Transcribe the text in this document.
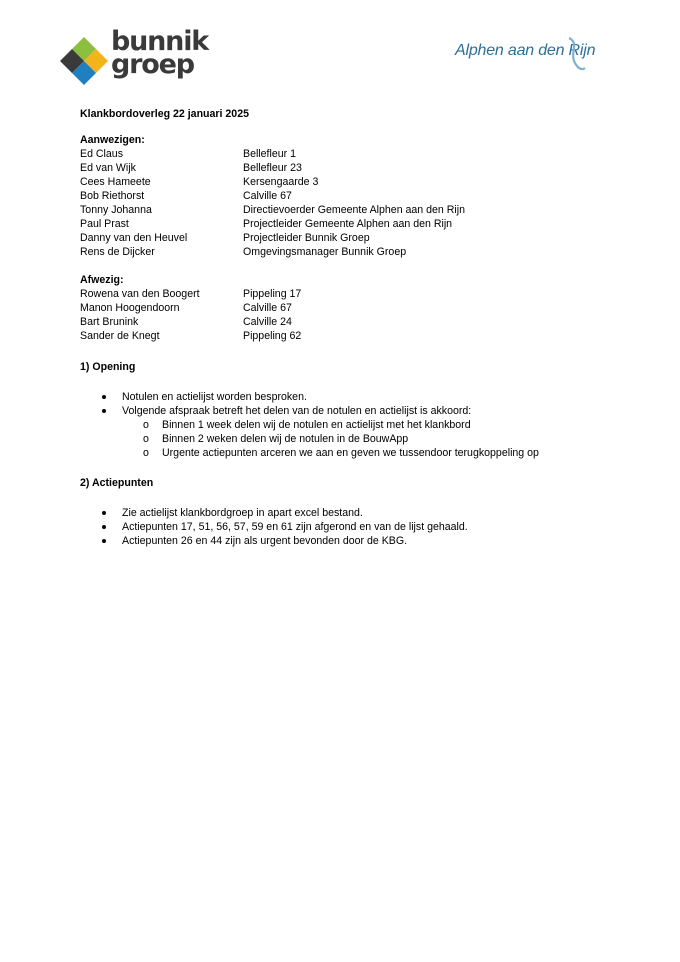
bunnik
groep	Alphen aan den Rijn
Klankbordoverleg 22 januari 2025
Aanwezigen:
Ed Claus	Bellefleur 1
Ed van Wijk	Bellefleur 23
Cees Hameete	Kersengaarde 3
Bob Riethorst	Calville 67
Tonny Johanna	Directievoerder Gemeente Alphen aan den Rijn
Paul Prast	Projectleider Gemeente Alphen aan den Rijn
Danny van den Heuvel	Projectleider Bunnik Groep
Rens de Dijcker	Omgevingsmanager Bunnik Groep
Afwezig:
Rowena van den Boogert	Pippeling 17
Manon Hoogendoorn	Calville 67
Bart Brunink	Calville 24
Sander de Knegt	Pippeling 62
1) Opening
Notulen en actielijst worden besproken.
Volgende afspraak betreft het delen van de notulen en actielijst is akkoord:
o Binnen 1 week delen wij de notulen en actielijst met het klankbord
o Binnen 2 weken delen wij de notulen in de BouwApp
o Urgente actiepunten arceren we aan en geven we tussendoor terugkoppeling op
2) Actiepunten
Zie actielijst klankbordgroep in apart excel bestand.
Actiepunten 17, 51, 56, 57, 59 en 61 zijn afgerond en van de lijst gehaald.
Actiepunten 26 en 44 zijn als urgent bevonden door de KBG.
